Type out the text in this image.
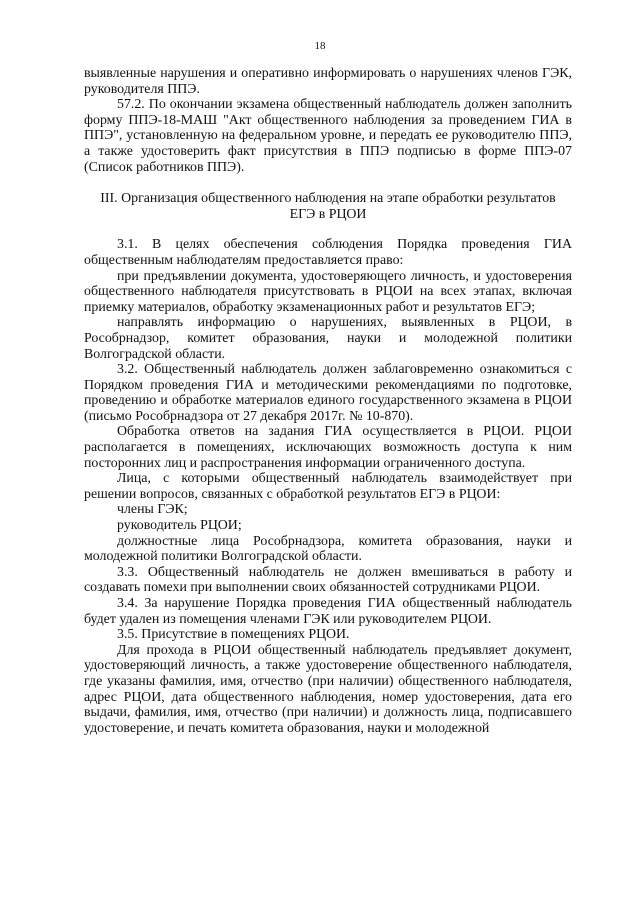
18

выявленные нарушения и оперативно информировать о нарушениях членов ГЭК, руководителя ППЭ.

57.2. По окончании экзамена общественный наблюдатель должен заполнить форму ППЭ-18-МАШ "Акт общественного наблюдения за проведением ГИА в ППЭ", установленную на федеральном уровне, и передать ее руководителю ППЭ, а также удостоверить факт присутствия в ППЭ подписью в форме ППЭ-07 (Список работников ППЭ).

III. Организация общественного наблюдения на этапе обработки результатов ЕГЭ в РЦОИ

3.1. В целях обеспечения соблюдения Порядка проведения ГИА общественным наблюдателям предоставляется право:

при предъявлении документа, удостоверяющего личность, и удостоверения общественного наблюдателя присутствовать в РЦОИ на всех этапах, включая приемку материалов, обработку экзаменационных работ и результатов ЕГЭ;

направлять информацию о нарушениях, выявленных в РЦОИ, в Рособрнадзор, комитет образования, науки и молодежной политики Волгоградской области.

3.2. Общественный наблюдатель должен заблаговременно ознакомиться с Порядком проведения ГИА и методическими рекомендациями по подготовке, проведению и обработке материалов единого государственного экзамена в РЦОИ (письмо Рособрнадзора от 27 декабря 2017г. № 10-870).

Обработка ответов на задания ГИА осуществляется в РЦОИ. РЦОИ располагается в помещениях, исключающих возможность доступа к ним посторонних лиц и распространения информации ограниченного доступа.

Лица, с которыми общественный наблюдатель взаимодействует при решении вопросов, связанных с обработкой результатов ЕГЭ в РЦОИ:

члены ГЭК;

руководитель РЦОИ;

должностные лица Рособрнадзора, комитета образования, науки и молодежной политики Волгоградской области.

3.3. Общественный наблюдатель не должен вмешиваться в работу и создавать помехи при выполнении своих обязанностей сотрудниками РЦОИ.

3.4. За нарушение Порядка проведения ГИА общественный наблюдатель будет удален из помещения членами ГЭК или руководителем РЦОИ.

3.5. Присутствие в помещениях РЦОИ.

Для прохода в РЦОИ общественный наблюдатель предъявляет документ, удостоверяющий личность, а также удостоверение общественного наблюдателя, где указаны фамилия, имя, отчество (при наличии) общественного наблюдателя, адрес РЦОИ, дата общественного наблюдения, номер удостоверения, дата его выдачи, фамилия, имя, отчество (при наличии) и должность лица, подписавшего удостоверение, и печать комитета образования, науки и молодежной
